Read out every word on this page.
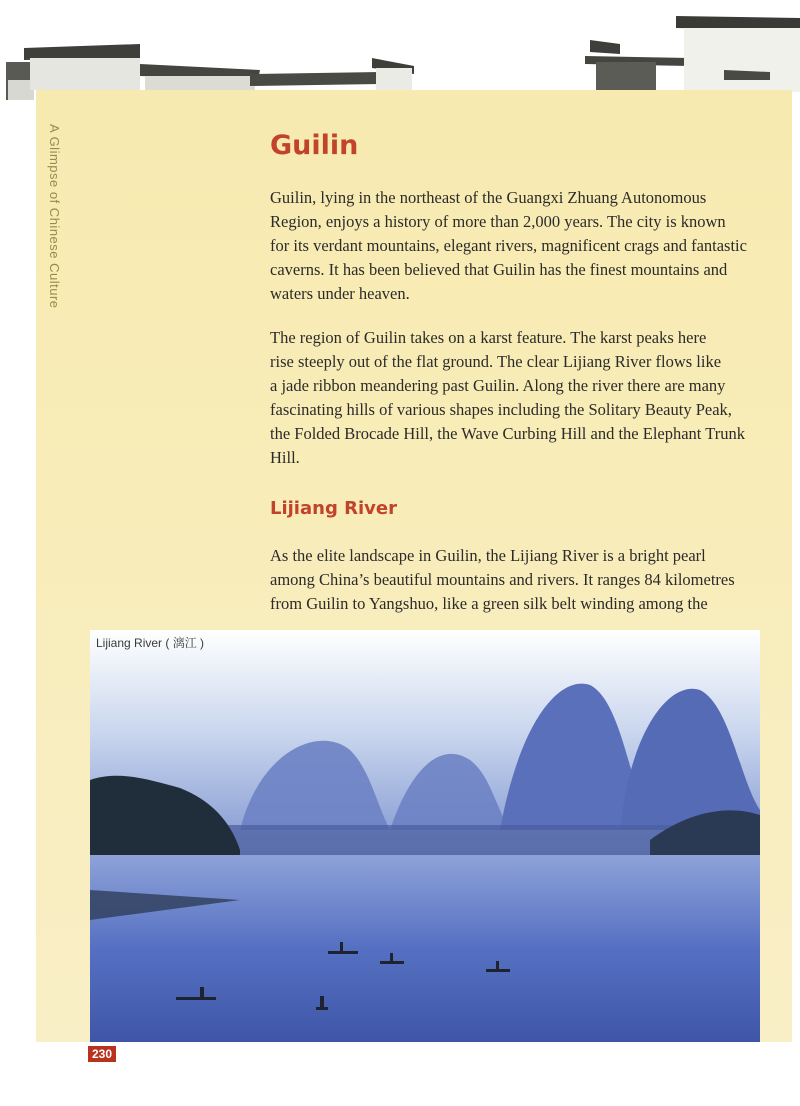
A Glimpse of Chinese Culture	Guilin

Guilin, lying in the northeast of the Guangxi Zhuang Autonomous
Region, enjoys a history of more than 2,000 years. The city is known
for its verdant mountains, elegant rivers, magnificent crags and fantastic
caverns. It has been believed that Guilin has the finest mountains and
waters under heaven.

The region of Guilin takes on a karst feature. The karst peaks here
rise steeply out of the flat ground. The clear Lijiang River flows like
a jade ribbon meandering past Guilin. Along the river there are many
fascinating hills of various shapes including the Solitary Beauty Peak,
the Folded Brocade Hill, the Wave Curbing Hill and the Elephant Trunk
Hill.

Lijiang River

As the elite landscape in Guilin, the Lijiang River is a bright pearl
among China’s beautiful mountains and rivers. It ranges 84 kilometres
from Guilin to Yangshuo, like a green silk belt winding among the

Lijiang River ( 漓江 )

230
